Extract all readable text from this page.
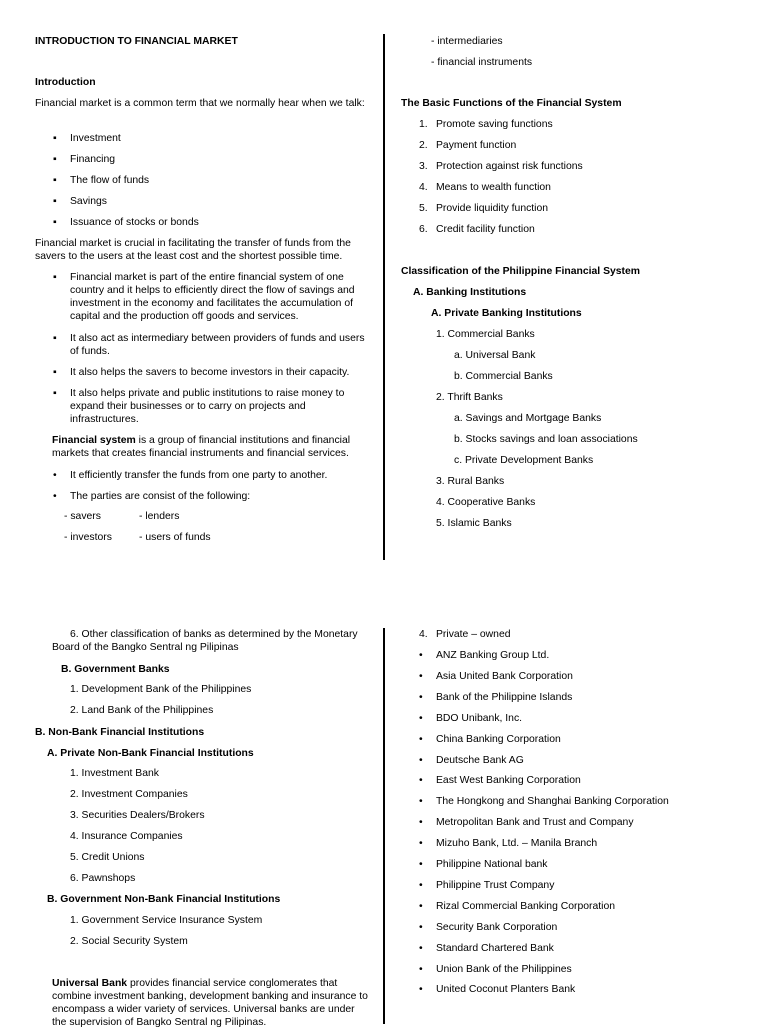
INTRODUCTION TO FINANCIAL MARKET
Introduction
Financial market is a common term that we normally hear when we talk:
▪
Investment
▪
Financing
▪
The flow of funds
▪
Savings
▪
Issuance of stocks or bonds
Financial market is crucial in facilitating the transfer of funds from the savers to the users at the least cost and the shortest possible time.
▪
Financial market is part of the entire financial system of one country and it helps to efficiently direct the flow of savings and investment in the economy and facilitates the accumulation of capital and the production off goods and services.
▪
It also act as intermediary between providers of funds and users of funds.
▪
It also helps the savers to become investors in their capacity.
▪
It also helps private and public institutions to raise money to expand their businesses or to carry on projects and infrastructures.
Financial system is a group of financial institutions and financial markets that creates financial instruments and financial services.
•
It efficiently transfer the funds from one party to another.
•
The parties are consist of the following:
- savers	- lenders
- investors	- users of funds
- intermediaries
- financial instruments
The Basic Functions of the Financial System
1. Promote saving functions
2. Payment function
3. Protection against risk functions
4. Means to wealth function
5. Provide liquidity function
6. Credit facility function
Classification of the Philippine Financial System
A. Banking Institutions
A. Private Banking Institutions
1. Commercial Banks
a. Universal Bank
b. Commercial Banks
2. Thrift Banks
a. Savings and Mortgage Banks
b. Stocks savings and loan associations
c. Private Development Banks
3. Rural Banks
4. Cooperative Banks
5. Islamic Banks
6. Other classification of banks as determined by the Monetary Board of the Bangko Sentral ng Pilipinas
B. Government Banks
1. Development Bank of the Philippines
2. Land Bank of the Philippines
B. Non-Bank Financial Institutions
A. Private Non-Bank Financial Institutions
1. Investment Bank
2. Investment Companies
3. Securities Dealers/Brokers
4. Insurance Companies
5. Credit Unions
6. Pawnshops
B. Government Non-Bank Financial Institutions
1. Government Service Insurance System
2. Social Security System
Universal Bank provides financial service conglomerates that combine investment banking, development banking and insurance to encompass a wider variety of services. Universal banks are under the supervision of Bangko Sentral ng Pilipinas.
4. Private – owned
•
ANZ Banking Group Ltd.
•
Asia United Bank Corporation
•
Bank of the Philippine Islands
•
BDO Unibank, Inc.
•
China Banking Corporation
•
Deutsche Bank AG
•
East West Banking Corporation
•
The Hongkong and Shanghai Banking Corporation
•
Metropolitan Bank and Trust and Company
•
Mizuho Bank, Ltd. – Manila Branch
•
Philippine National bank
•
Philippine Trust Company
•
Rizal Commercial Banking Corporation
•
Security Bank Corporation
•
Standard Chartered Bank
•
Union Bank of the Philippines
•
United Coconut Planters Bank
